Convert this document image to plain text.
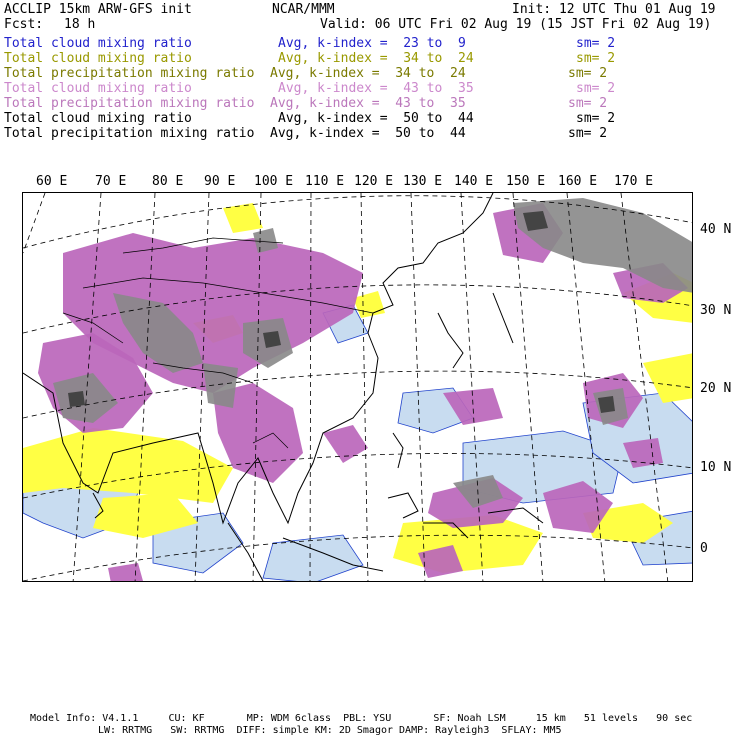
ACCLIP 15km ARW-GFS init	NCAR/MMM	Init: 12 UTC Thu 01 Aug 19
Fcst: 18 h	Valid: 06 UTC Fri 02 Aug 19 (15 JST Fri 02 Aug 19)
Total cloud mixing ratio	Avg, k-index =  23 to  9	sm= 2
Total cloud mixing ratio	Avg, k-index =  34 to  24	sm= 2
Total precipitation mixing ratio Avg, k-index =  34 to  24	sm= 2
Total cloud mixing ratio	Avg, k-index =  43 to  35	sm= 2
Total precipitation mixing ratio Avg, k-index =  43 to  35	sm= 2
Total cloud mixing ratio	Avg, k-index =  50 to  44	sm= 2
Total precipitation mixing ratio Avg, k-index =  50 to  44	sm= 2
60 E 70 E 80 E 90 E 100 E 110 E 120 E 130 E 140 E 150 E 160 E 170 E
40 N
30 N
20 N
10 N
0
Model Info: V4.1.1     CU: KF       MP: WDM 6class  PBL: YSU       SF: Noah LSM     15 km   51 levels   90 sec
LW: RRTMG   SW: RRTMG  DIFF: simple KM: 2D Smagor DAMP: Rayleigh3  SFLAY: MM5
